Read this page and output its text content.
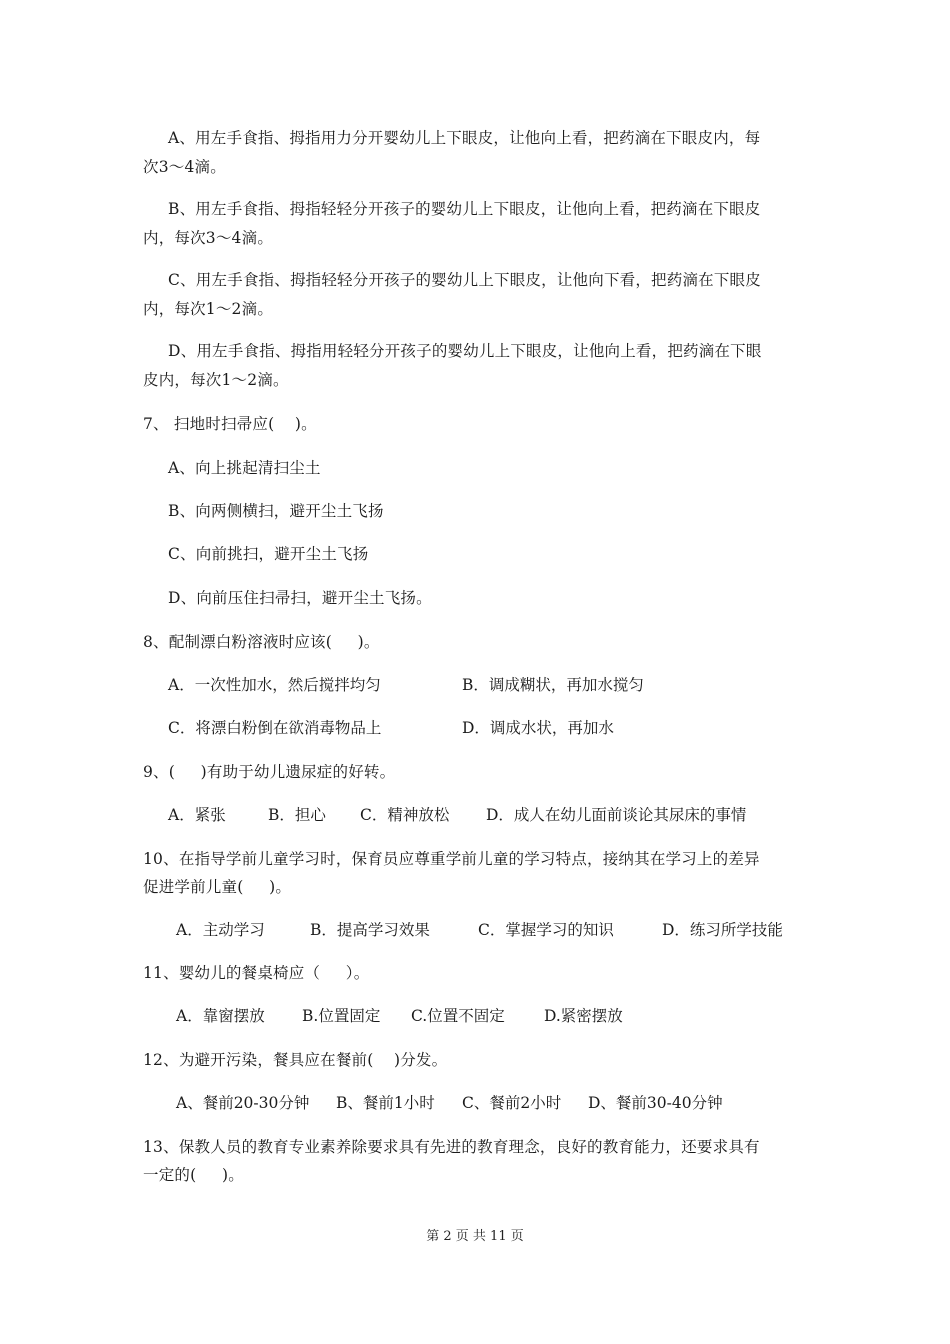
A、用左手食指、拇指用力分开婴幼儿上下眼皮，让他向上看，把药滴在下眼皮内，每

次3～4滴。

B、用左手食指、拇指轻轻分开孩子的婴幼儿上下眼皮，让他向上看，把药滴在下眼皮

内，每次3～4滴。

C、用左手食指、拇指轻轻分开孩子的婴幼儿上下眼皮，让他向下看，把药滴在下眼皮

内，每次1～2滴。

D、用左手食指、拇指用轻轻分开孩子的婴幼儿上下眼皮，让他向上看，把药滴在下眼

皮内，每次1～2滴。

7、 扫地时扫帚应(    )。

A、向上挑起清扫尘土

B、向两侧横扫，避开尘土飞扬

C、向前挑扫，避开尘土飞扬

D、向前压住扫帚扫，避开尘土飞扬。

8、配制漂白粉溶液时应该(     )。

A．一次性加水，然后搅拌均匀	B．调成糊状，再加水搅匀
C．将漂白粉倒在欲消毒物品上	D．调成水状，再加水

9、(     )有助于幼儿遗尿症的好转。

A．紧张	B．担心 C．精神放松 D．成人在幼儿面前谈论其尿床的事情

10、在指导学前儿童学习时，保育员应尊重学前儿童的学习特点，接纳其在学习上的差异

促进学前儿童(     )。

A．主动学习	B．提高学习效果	C．掌握学习的知识	D．练习所学技能

11、婴幼儿的餐桌椅应（     ）。

A．靠窗摆放 B.位置固定 C.位置不固定	D.紧密摆放

12、为避开污染，餐具应在餐前(    )分发。

A、餐前20-30分钟 B、餐前1小时 C、餐前2小时 D、餐前30-40分钟

13、保教人员的教育专业素养除要求具有先进的教育理念，良好的教育能力，还要求具有

一定的(     )。

第 2 页 共 11 页
